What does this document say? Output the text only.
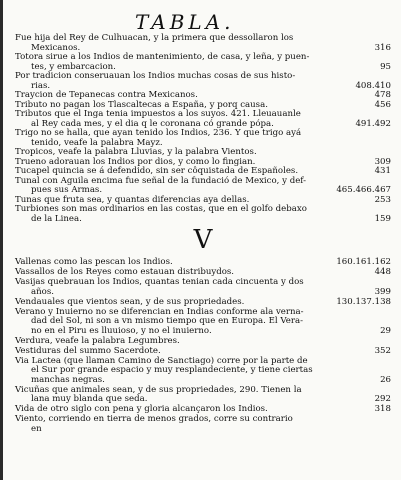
TABLA.
Fue hija del Rey de Culhuacan, y la primera que dessollaron los
Mexicanos.	316
Totora sirue a los Indios de mantenimiento, de casa, y leña, y puen-
tes, y embarcacion.	95
Por tradicion conseruauan los Indios muchas cosas de sus histo-
rias.	408.410
Traycion de Tepanecas contra Mexicanos.	478
Tributo no pagan los Tlascaltecas a España, y porq causa.	456
Tributos que el Inga tenia impuestos a los suyos. 421. Lleuauanle
al Rey cada mes, y el dia q le coronana có grande pópa.	491.492
Trigo no se halla, que ayan tenido los Indios, 236. Y que trigo ayá
tenido, veafe la palabra Mayz.
Tropicos, veafe la palabra Lluvias, y la palabra Vientos.
Trueno adorauan los Indios por dios, y como lo fingian.	309
Tucapel quincia se á defendido, sin ser côquistada de Españoles.	431
Tunal con Aguila encima fue señal de la fundació de Mexico, y def-
pues sus Armas.	465.466.467
Tunas que fruta sea, y quantas diferencias aya dellas.	253
Turbiones son mas ordinarios en las costas, que en el golfo debaxo
de la Linea.	159
V
Vallenas como las pescan los Indios.	160.161.162
Vassallos de los Reyes como estauan distribuydos.	448
Vasijas quebrauan los Indios, quantas tenian cada cincuenta y dos
años.	399
Vendauales que vientos sean, y de sus propriedades.	130.137.138
Verano y Inuierno no se diferencian en Indias conforme ala verna-
dad del Sol, ni son a vn mismo tiempo que en Europa. El Vera-
no en el Piru es lluuioso, y no el inuierno.	29
Verdura, veafe la palabra Legumbres.
Vestiduras del summo Sacerdote.	352
Via Lactea (que llaman Camino de Sanctiago) corre por la parte de
el Sur por grande espacio y muy resplandeciente, y tiene ciertas
manchas negras.	26
Vicuñas que animales sean, y de sus propriedades, 290. Tienen la
lana muy blanda que seda.	292
Vida de otro siglo con pena y gloria alcançaron los Indios.	318
Viento, corriendo en tierra de menos grados, corre su contrario
en
